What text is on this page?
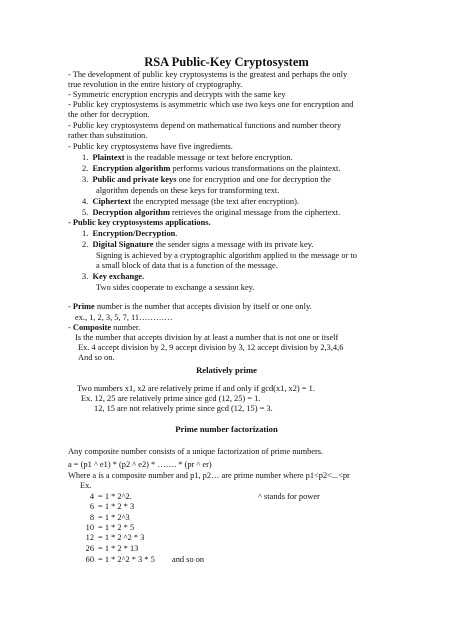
RSA Public-Key Cryptosystem
- The development of public key cryptosystems is the greatest and perhaps the only
true revolution in the entire history of cryptography.
- Symmetric encryption encrypts and decrypts with the same key
- Public key cryptosystems is asymmetric which use two keys one for encryption and
the other for decryption.
- Public key cryptosystems depend on mathematical functions and number theory
rather than substitution.
- Public key cryptosystems have five ingredients.
1. Plaintext is the readable message or text before encryption.
2. Encryption algorithm performs various transformations on the plaintext.
3. Public and private keys one for encryption and one for decryption the
algorithm depends on these keys for transforming text.
4. Ciphertext the encrypted message (the text after encryption).
5. Decryption algorithm retrieves the original message from the ciphertext.
- Public key cryptosystems applications.
1. Encryption/Decryption.
2. Digital Signature the sender signs a message with its private key.
Signing is achieved by a cryptographic algorithm applied to the message or to
a small block of data that is a function of the message.
3. Key exchange.
Two sides cooperate to exchange a session key.
- Prime number is the number that accepts division by itself or one only.
ex., 1, 2, 3, 5, 7, 11…………
- Composite number.
Is the number that accepts division by at least a number that is not one or itself
Ex. 4 accept division by 2, 9 accept division by 3, 12 accept division by 2,3,4,6
And so on.
Relatively prime
Two numbers x1, x2 are relatively prime if and only if gcd(x1, x2) = 1.
Ex. 12, 25 are relatively prime since gcd (12, 25) = 1.
12, 15 are not relatively prime since gcd (12, 15) = 3.
Prime number factorization
Any composite number consists of a unique factorization of prime numbers.
a = (p1 ^ e1) * (p2 ^ e2) * ……. * (pr ^ er)
Where a is a composite number and p1, p2… are prime number where p1<p2<...<pr
Ex.
^ stands for power
4 = 1 * 2^2.
6 = 1 * 2 * 3
8 = 1 * 2^3
10 = 1 * 2 * 5
12 = 1 * 2 ^2 * 3
26 = 1 * 2 * 13
60 = 1 * 2^2 * 3 * 5 and so on
